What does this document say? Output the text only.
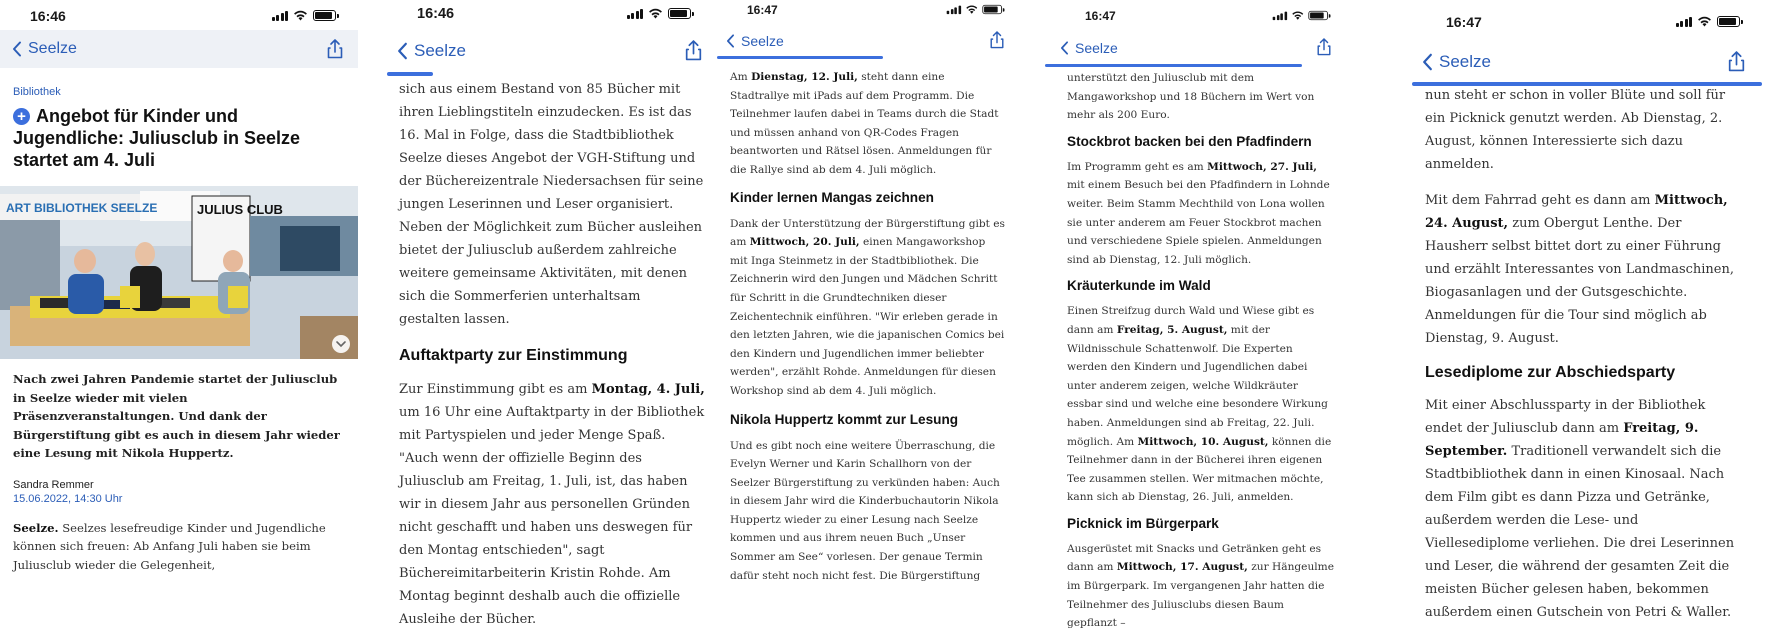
16:46
Seelze
Bibliothek
+ Angebot für Kinder und Jugendliche: Juliusclub in Seelze startet am 4. Juli
ART BIBLIOTHEK SEELZE	JULIUS CLUB

Nach zwei Jahren Pandemie startet der Juliusclub in Seelze wieder mit vielen Präsenzveranstaltungen. Und dank der Bürgerstiftung gibt es auch in diesem Jahr wieder eine Lesung mit Nikola Huppertz.

Sandra Remmer
15.06.2022, 14:30 Uhr

Seelze. Seelzes lesefreudige Kinder und Jugendliche können sich freuen: Ab Anfang Juli haben sie beim Juliusclub wieder die Gelegenheit,

16:46
Seelze

sich aus einem Bestand von 85 Bücher mit ihren Lieblingstiteln einzudecken. Es ist das 16. Mal in Folge, dass die Stadtbibliothek Seelze dieses Angebot der VGH-Stiftung und der Büchereizentrale Niedersachsen für seine jungen Leserinnen und Leser organisiert. Neben der Möglichkeit zum Bücher ausleihen bietet der Juliusclub außerdem zahlreiche weitere gemeinsame Aktivitäten, mit denen sich die Sommerferien unterhaltsam gestalten lassen.

Auftaktparty zur Einstimmung

Zur Einstimmung gibt es am Montag, 4. Juli, um 16 Uhr eine Auftaktparty in der Bibliothek mit Partyspielen und jeder Menge Spaß. "Auch wenn der offizielle Beginn des Juliusclub am Freitag, 1. Juli, ist, das haben wir in diesem Jahr aus personellen Gründen nicht geschafft und haben uns deswegen für den Montag entschieden", sagt Büchereimitarbeiterin Kristin Rohde. Am Montag beginnt deshalb auch die offizielle Ausleihe der Bücher.

16:47
Seelze

Am Dienstag, 12. Juli, steht dann eine Stadtrallye mit iPads auf dem Programm. Die Teilnehmer laufen dabei in Teams durch die Stadt und müssen anhand von QR-Codes Fragen beantworten und Rätsel lösen. Anmeldungen für die Rallye sind ab dem 4. Juli möglich.

Kinder lernen Mangas zeichnen

Dank der Unterstützung der Bürgerstiftung gibt es am Mittwoch, 20. Juli, einen Mangaworkshop mit Inga Steinmetz in der Stadtbibliothek. Die Zeichnerin wird den Jungen und Mädchen Schritt für Schritt in die Grundtechniken dieser Zeichentechnik einführen. "Wir erleben gerade in den letzten Jahren, wie die japanischen Comics bei den Kindern und Jugendlichen immer beliebter werden", erzählt Rohde. Anmeldungen für diesen Workshop sind ab dem 4. Juli möglich.

Nikola Huppertz kommt zur Lesung

Und es gibt noch eine weitere Überraschung, die Evelyn Werner und Karin Schallhorn von der Seelzer Bürgerstiftung zu verkünden haben: Auch in diesem Jahr wird die Kinderbuchautorin Nikola Huppertz wieder zu einer Lesung nach Seelze kommen und aus ihrem neuen Buch „Unser Sommer am See“ vorlesen. Der genaue Termin dafür steht noch nicht fest. Die Bürgerstiftung

16:47
Seelze

unterstützt den Juliusclub mit dem Mangaworkshop und 18 Büchern im Wert von mehr als 200 Euro.

Stockbrot backen bei den Pfadfindern

Im Programm geht es am Mittwoch, 27. Juli, mit einem Besuch bei den Pfadfindern in Lohnde weiter. Beim Stamm Mechthild von Lona wollen sie unter anderem am Feuer Stockbrot machen und verschiedene Spiele spielen. Anmeldungen sind ab Dienstag, 12. Juli möglich.

Kräuterkunde im Wald

Einen Streifzug durch Wald und Wiese gibt es dann am Freitag, 5. August, mit der Wildnisschule Schattenwolf. Die Experten werden den Kindern und Jugendlichen dabei unter anderem zeigen, welche Wildkräuter essbar sind und welche eine besondere Wirkung haben. Anmeldungen sind ab Freitag, 22. Juli. möglich. Am Mittwoch, 10. August, können die Teilnehmer dann in der Bücherei ihren eigenen Tee zusammen stellen. Wer mitmachen möchte, kann sich ab Dienstag, 26. Juli, anmelden.

Picknick im Bürgerpark

Ausgerüstet mit Snacks und Getränken geht es dann am Mittwoch, 17. August, zur Hängeulme im Bürgerpark. Im vergangenen Jahr hatten die Teilnehmer des Juliusclubs diesen Baum gepflanzt –

16:47
Seelze

nun steht er schon in voller Blüte und soll für ein Picknick genutzt werden. Ab Dienstag, 2. August, können Interessierte sich dazu anmelden.

Mit dem Fahrrad geht es dann am Mittwoch, 24. August, zum Obergut Lenthe. Der Hausherr selbst bittet dort zu einer Führung und erzählt Interessantes von Landmaschinen, Biogasanlagen und der Gutsgeschichte. Anmeldungen für die Tour sind möglich ab Dienstag, 9. August.

Lesediplome zur Abschiedsparty

Mit einer Abschlussparty in der Bibliothek endet der Juliusclub dann am Freitag, 9. September. Traditionell verwandelt sich die Stadtbibliothek dann in einen Kinosaal. Nach dem Film gibt es dann Pizza und Getränke, außerdem werden die Lese- und Viellesediplome verliehen. Die drei Leserinnen und Leser, die während der gesamten Zeit die meisten Bücher gelesen haben, bekommen außerdem einen Gutschein von Petri & Waller.
